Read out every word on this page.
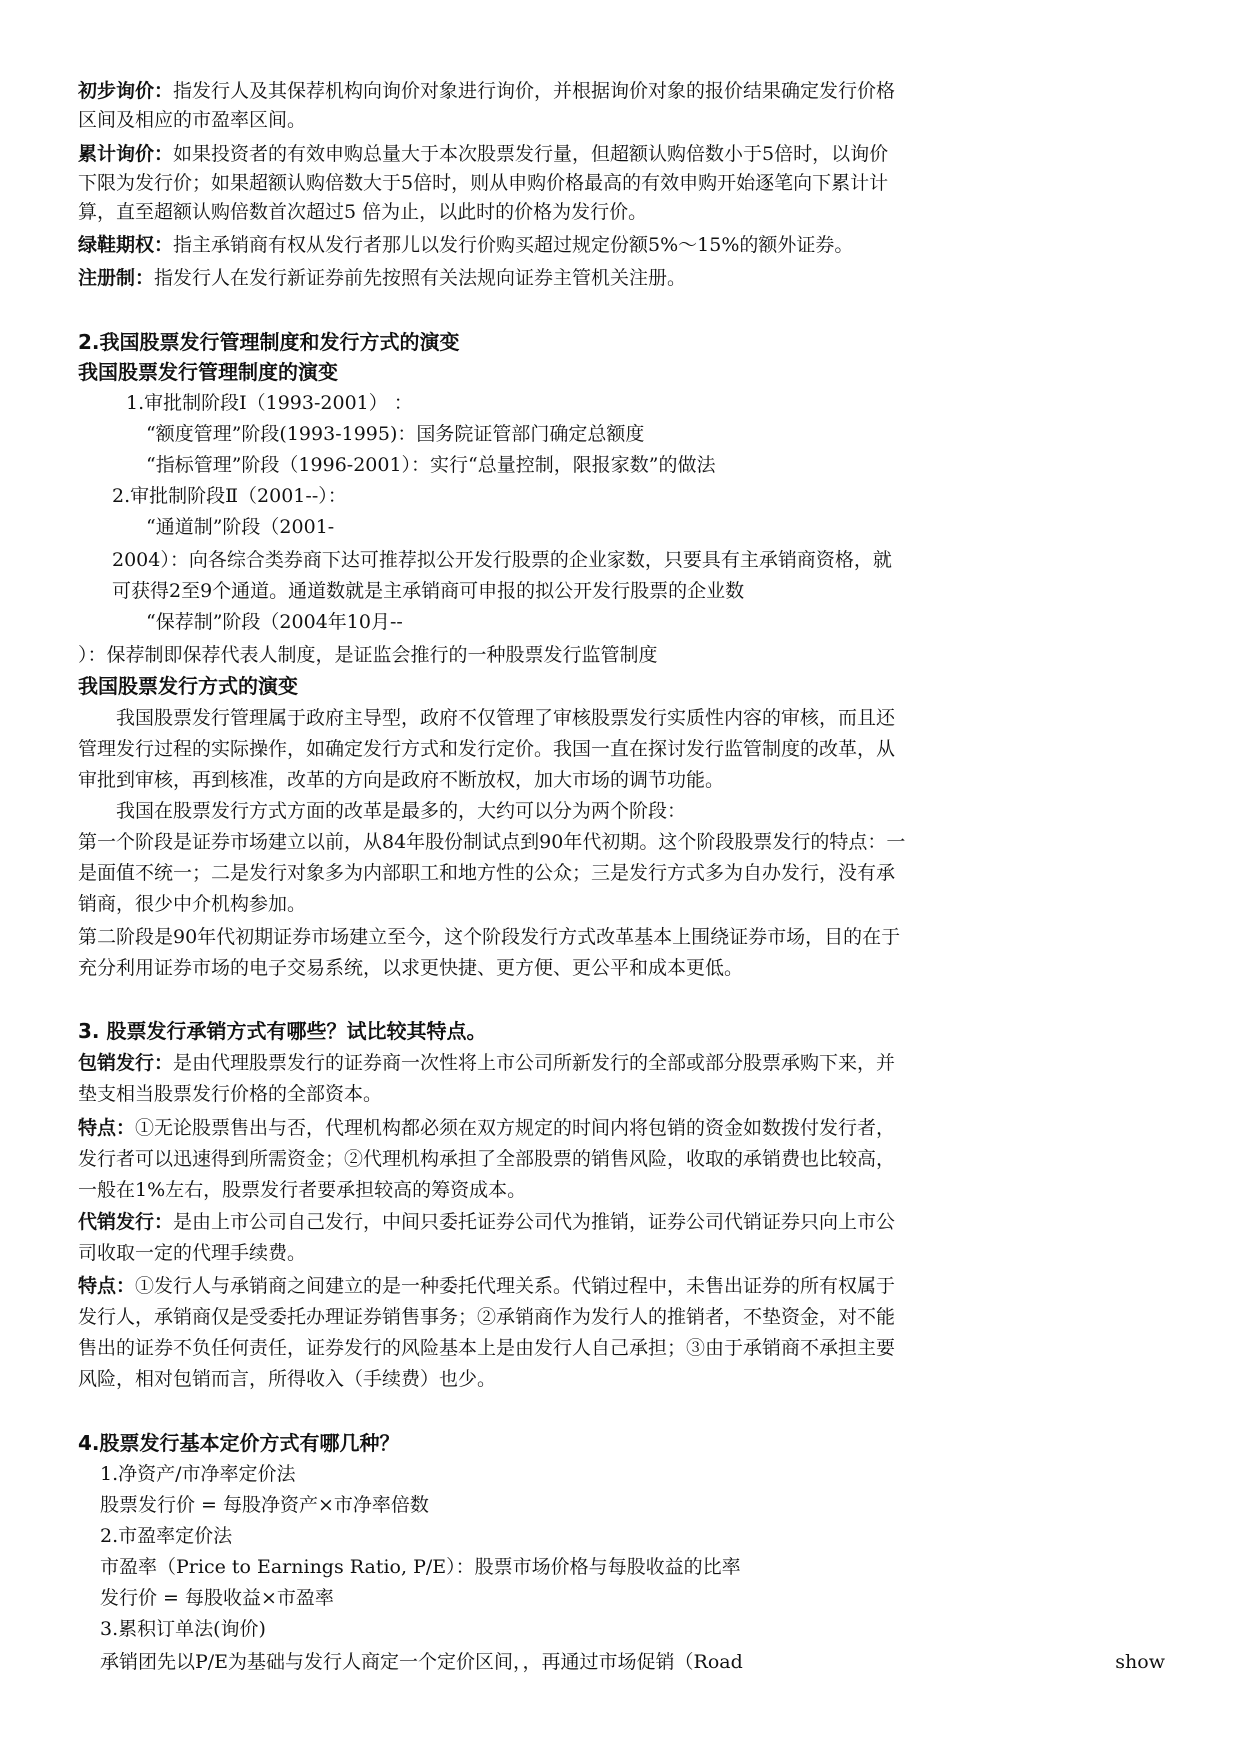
初步询价：指发行人及其保荐机构向询价对象进行询价，并根据询价对象的报价结果确定发行价格
区间及相应的市盈率区间。
累计询价：如果投资者的有效申购总量大于本次股票发行量，但超额认购倍数小于5倍时，以询价
下限为发行价；如果超额认购倍数大于5倍时，则从申购价格最高的有效申购开始逐笔向下累计计
算，直至超额认购倍数首次超过5 倍为止，以此时的价格为发行价。
绿鞋期权：指主承销商有权从发行者那儿以发行价购买超过规定份额5%～15%的额外证券。
注册制：指发行人在发行新证券前先按照有关法规向证券主管机关注册。
2.我国股票发行管理制度和发行方式的演变
我国股票发行管理制度的演变
1.审批制阶段Ⅰ（1993-2001） ：
“额度管理”阶段(1993-1995)：国务院证管部门确定总额度
“指标管理”阶段（1996-2001）：实行“总量控制，限报家数”的做法
2.审批制阶段Ⅱ（2001--）：
“通道制”阶段（2001-
2004）：向各综合类券商下达可推荐拟公开发行股票的企业家数，只要具有主承销商资格，就
可获得2至9个通道。通道数就是主承销商可申报的拟公开发行股票的企业数
“保荐制”阶段（2004年10月--
）：保荐制即保荐代表人制度，是证监会推行的一种股票发行监管制度
我国股票发行方式的演变
　　我国股票发行管理属于政府主导型，政府不仅管理了审核股票发行实质性内容的审核，而且还
管理发行过程的实际操作，如确定发行方式和发行定价。我国一直在探讨发行监管制度的改革，从
审批到审核，再到核准，改革的方向是政府不断放权，加大市场的调节功能。
　　我国在股票发行方式方面的改革是最多的，大约可以分为两个阶段：
第一个阶段是证券市场建立以前，从84年股份制试点到90年代初期。这个阶段股票发行的特点：一
是面值不统一；二是发行对象多为内部职工和地方性的公众；三是发行方式多为自办发行，没有承
销商，很少中介机构参加。
第二阶段是90年代初期证券市场建立至今，这个阶段发行方式改革基本上围绕证券市场，目的在于
充分利用证券市场的电子交易系统，以求更快捷、更方便、更公平和成本更低。
3. 股票发行承销方式有哪些？试比较其特点。
包销发行：是由代理股票发行的证券商一次性将上市公司所新发行的全部或部分股票承购下来，并
垫支相当股票发行价格的全部资本。
特点：①无论股票售出与否，代理机构都必须在双方规定的时间内将包销的资金如数拨付发行者，
发行者可以迅速得到所需资金；②代理机构承担了全部股票的销售风险，收取的承销费也比较高，
一般在1%左右，股票发行者要承担较高的筹资成本。
代销发行：是由上市公司自己发行，中间只委托证券公司代为推销，证券公司代销证券只向上市公
司收取一定的代理手续费。
特点：①发行人与承销商之间建立的是一种委托代理关系。代销过程中，未售出证券的所有权属于
发行人，承销商仅是受委托办理证券销售事务；②承销商作为发行人的推销者，不垫资金，对不能
售出的证券不负任何责任，证券发行的风险基本上是由发行人自己承担；③由于承销商不承担主要
风险，相对包销而言，所得收入（手续费）也少。
4.股票发行基本定价方式有哪几种？
1.净资产/市净率定价法
股票发行价 = 每股净资产×市净率倍数
2.市盈率定价法
市盈率（Price to Earnings Ratio, P/E）：股票市场价格与每股收益的比率
发行价 = 每股收益×市盈率
3.累积订单法(询价)
承销团先以P/E为基础与发行人商定一个定价区间，，再通过市场促销（Road	show
